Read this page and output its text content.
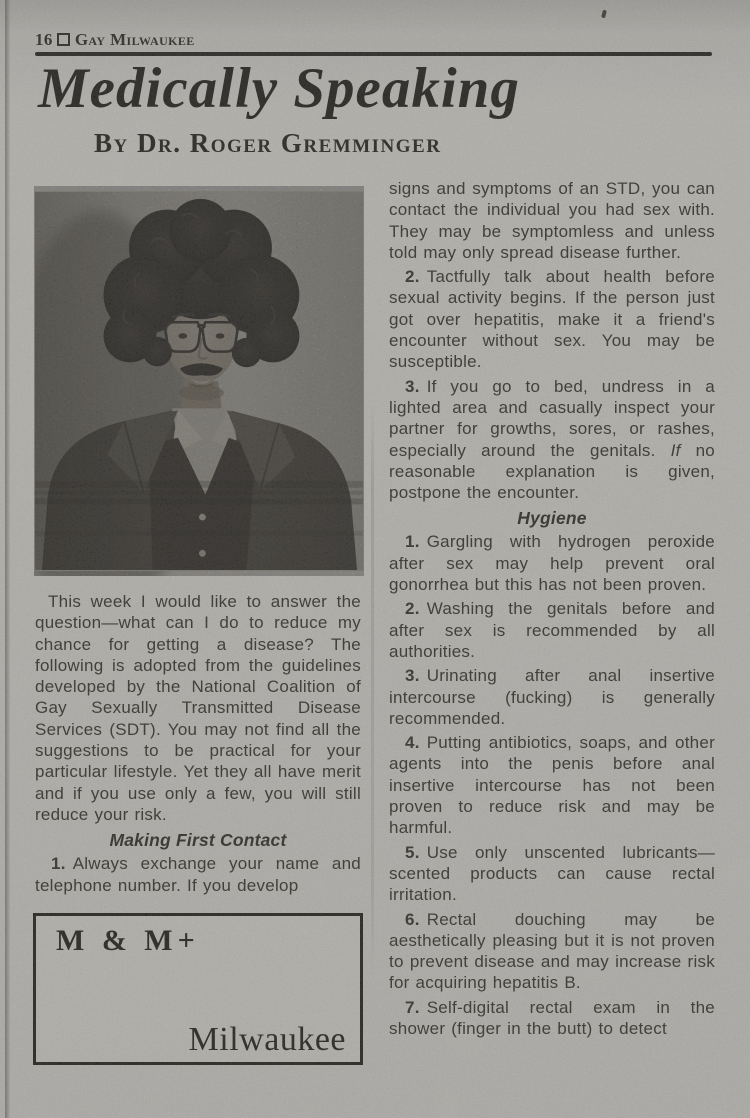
16 Gay Milwaukee
Medically Speaking
By Dr. Roger Gremminger

This week I would like to answer the question—what can I do to reduce my chance for getting a disease? The following is adopted from the guidelines developed by the National Coalition of Gay Sexually Transmitted Disease Services (SDT). You may not find all the suggestions to be practical for your particular lifestyle. Yet they all have merit and if you use only a few, you will still reduce your risk.

Making First Contact

1. Always exchange your name and telephone number. If you develop

M & M+
Milwaukee

signs and symptoms of an STD, you can contact the individual you had sex with. They may be symptomless and unless told may only spread disease further.

2. Tactfully talk about health before sexual activity begins. If the person just got over hepatitis, make it a friend's encounter without sex. You may be susceptible.

3. If you go to bed, undress in a lighted area and casually inspect your partner for growths, sores, or rashes, especially around the genitals. If no reasonable explanation is given, postpone the encounter.

Hygiene

1. Gargling with hydrogen peroxide after sex may help prevent oral gonorrhea but this has not been proven.

2. Washing the genitals before and after sex is recommended by all authorities.

3. Urinating after anal insertive intercourse (fucking) is generally recommended.

4. Putting antibiotics, soaps, and other agents into the penis before anal insertive intercourse has not been proven to reduce risk and may be harmful.

5. Use only unscented lubricants—scented products can cause rectal irritation.

6. Rectal douching may be aesthetically pleasing but it is not proven to prevent disease and may increase risk for acquiring hepatitis B.

7. Self-digital rectal exam in the shower (finger in the butt) to detect
